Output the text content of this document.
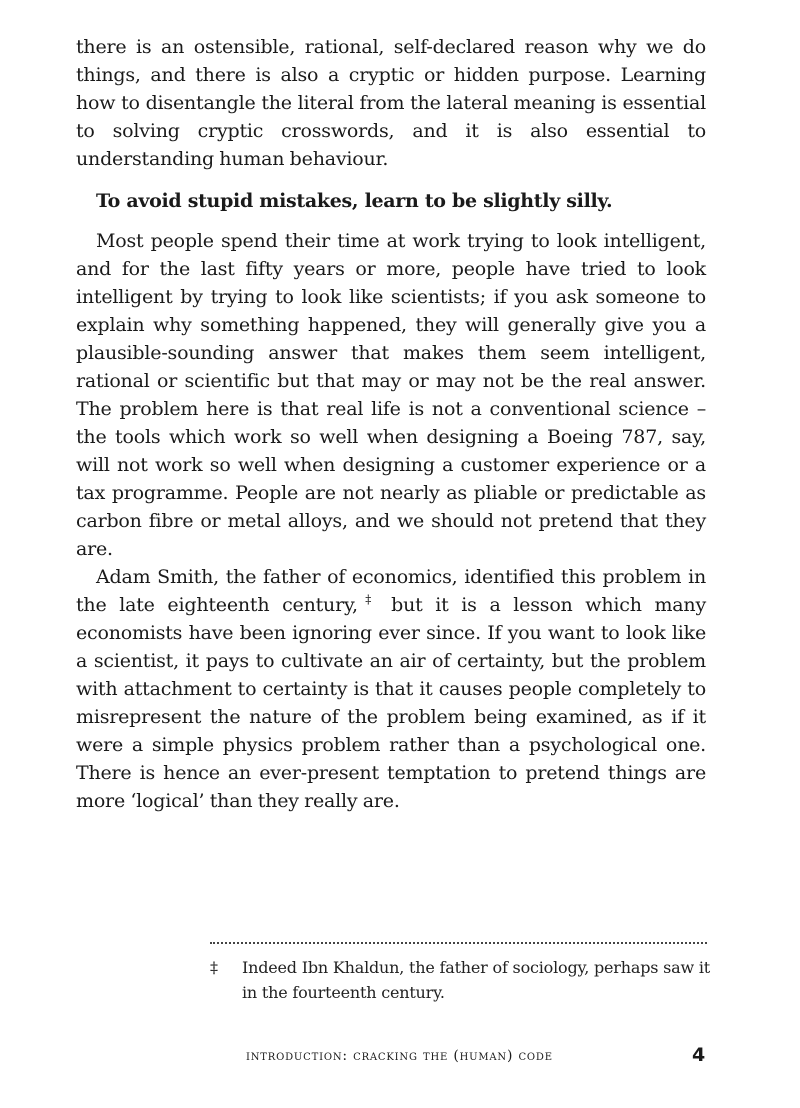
there is an ostensible, rational, self-declared reason why we do things, and there is also a cryptic or hidden purpose. Learning how to disentangle the literal from the lateral meaning is essential to solving cryptic crosswords, and it is also essential to understanding human behaviour.

To avoid stupid mistakes, learn to be slightly silly.

Most people spend their time at work trying to look intelligent, and for the last fifty years or more, people have tried to look intelligent by trying to look like scientists; if you ask someone to explain why something happened, they will generally give you a plausible-sounding answer that makes them seem intelligent, rational or scientific but that may or may not be the real answer. The problem here is that real life is not a conventional science – the tools which work so well when designing a Boeing 787, say, will not work so well when designing a customer experience or a tax programme. People are not nearly as pliable or predictable as carbon fibre or metal alloys, and we should not pretend that they are.

Adam Smith, the father of economics, identified this problem in the late eighteenth century,‡ but it is a lesson which many economists have been ignoring ever since. If you want to look like a scientist, it pays to cultivate an air of certainty, but the problem with attachment to certainty is that it causes people completely to misrepresent the nature of the problem being examined, as if it were a simple physics problem rather than a psychological one. There is hence an ever-present temptation to pretend things are more ‘logical’ than they really are.

‡	Indeed Ibn Khaldun, the father of sociology, perhaps saw it in the fourteenth century.
introduction: cracking the (human) code	4
